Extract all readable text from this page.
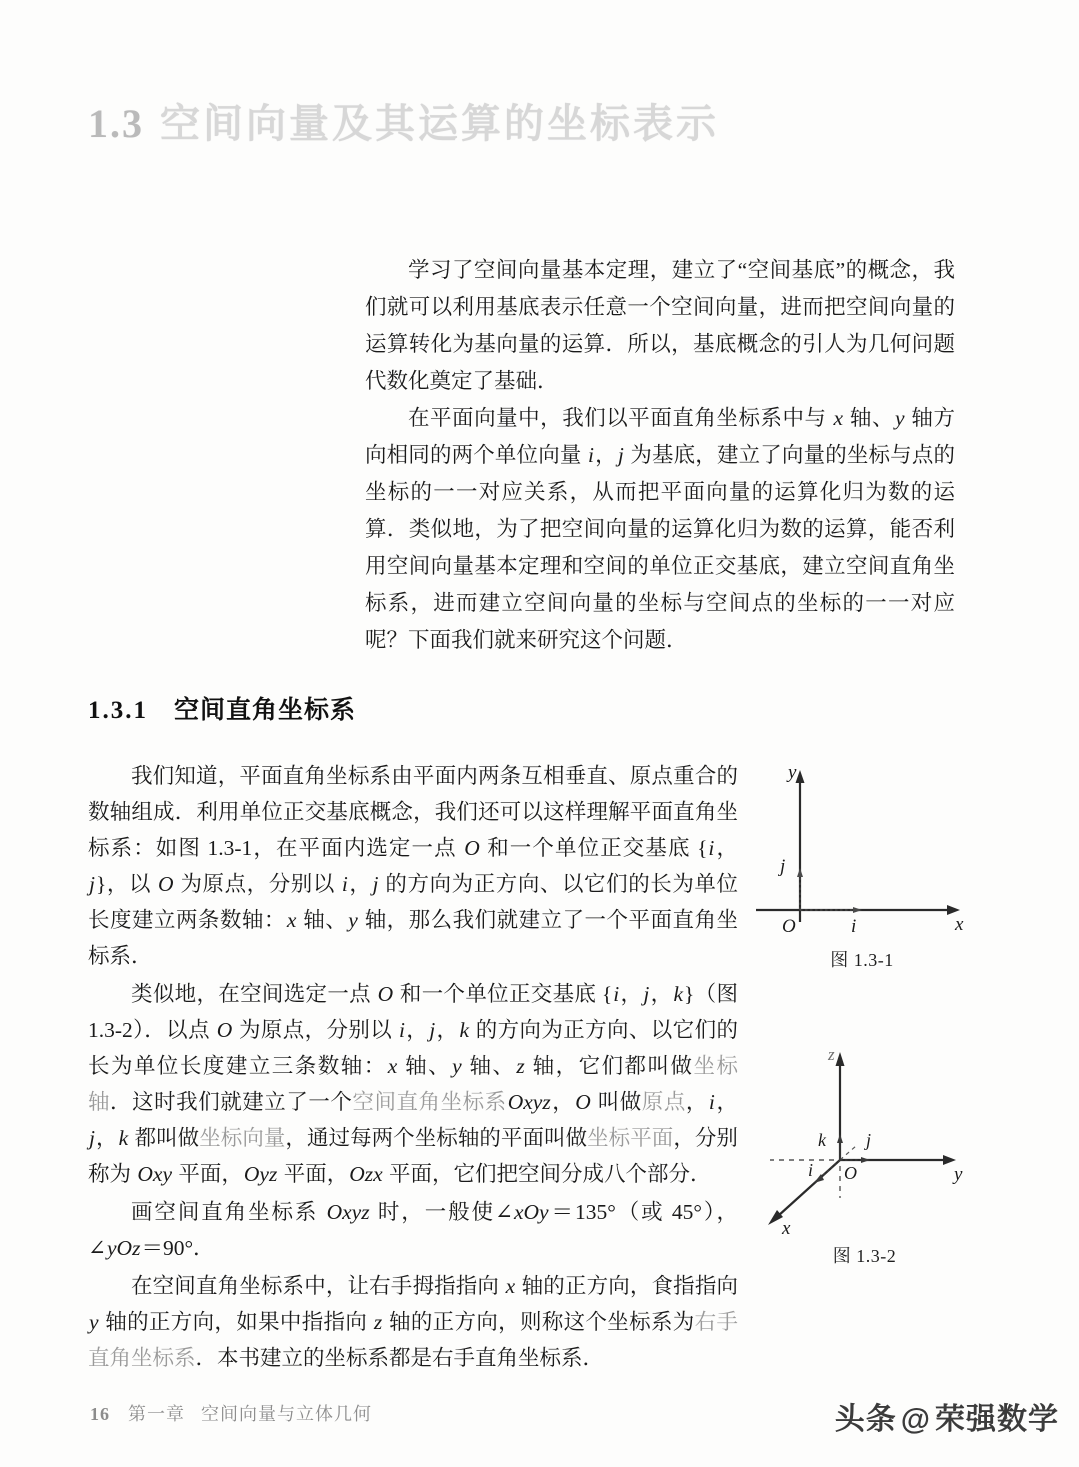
1.3 空间向量及其运算的坐标表示

学习了空间向量基本定理，建立了“空间基底”的概念，我们就可以利用基底表示任意一个空间向量，进而把空间向量的运算转化为基向量的运算．所以，基底概念的引人为几何问题代数化奠定了基础．

在平面向量中，我们以平面直角坐标系中与 x 轴、y 轴方向相同的两个单位向量 i，j 为基底，建立了向量的坐标与点的坐标的一一对应关系，从而把平面向量的运算化归为数的运算．类似地，为了把空间向量的运算化归为数的运算，能否利用空间向量基本定理和空间的单位正交基底，建立空间直角坐标系，进而建立空间向量的坐标与空间点的坐标的一一对应呢？下面我们就来研究这个问题．

1.3.1 空间直角坐标系

我们知道，平面直角坐标系由平面内两条互相垂直、原点重合的数轴组成．利用单位正交基底概念，我们还可以这样理解平面直角坐标系：如图 1.3-1，在平面内选定一点 O 和一个单位正交基底 {i，j}，以 O 为原点，分别以 i，j 的方向为正方向、以它们的长为单位长度建立两条数轴：x 轴、y 轴，那么我们就建立了一个平面直角坐标系．

类似地，在空间选定一点 O 和一个单位正交基底 {i，j，k}（图 1.3-2）．以点 O 为原点，分别以 i，j，k 的方向为正方向、以它们的长为单位长度建立三条数轴：x 轴、y 轴、z 轴，它们都叫做坐标轴．这时我们就建立了一个空间直角坐标系Oxyz，O 叫做原点，i，j，k 都叫做坐标向量，通过每两个坐标轴的平面叫做坐标平面，分别称为 Oxy 平面，Oyz 平面，Ozx 平面，它们把空间分成八个部分．

画空间直角坐标系 Oxyz 时，一般使∠xOy＝135°（或 45°），∠yOz＝90°．

在空间直角坐标系中，让右手拇指指向 x 轴的正方向，食指指向 y 轴的正方向，如果中指指向 z 轴的正方向，则称这个坐标系为右手直角坐标系．本书建立的坐标系都是右手直角坐标系．

y
x
j
i
O
图 1.3-1
z
y
x
k j
i O
图 1.3-2
16 第一章 空间向量与立体几何	头条 @ 荣强数学
